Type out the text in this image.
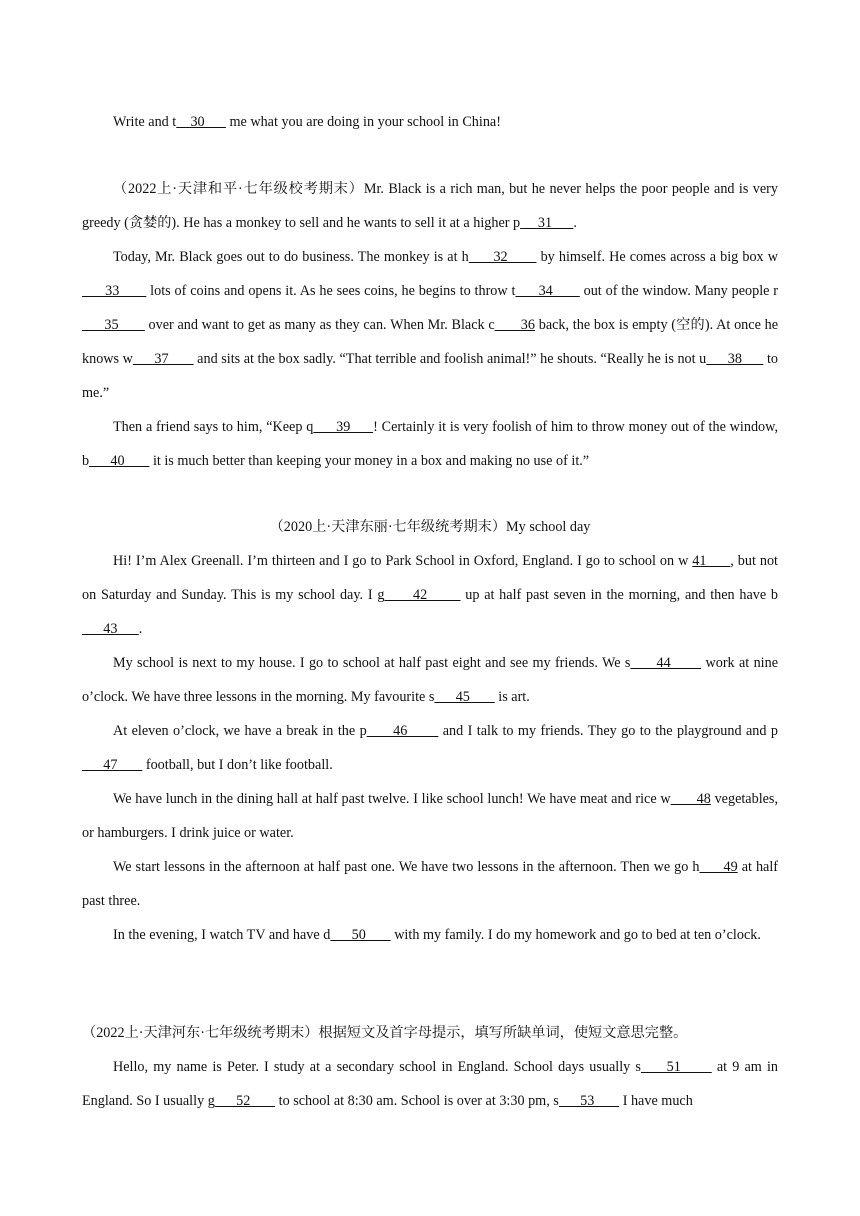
Write and t    30       me what you are doing in your school in China!

（2022上·天津和平·七年级校考期末）Mr. Black is a rich man, but he never helps the poor people and is very greedy (贪婪的). He has a monkey to sell and he wants to sell it at a higher p     31      .

Today, Mr. Black goes out to do business. The monkey is at h      32        by himself. He comes across a big box w      33        lots of coins and opens it. As he sees coins, he begins to throw t      34        out of the window. Many people r      35        over and want to get as many as they can. When Mr. Black c       36 back, the box is empty (空的). At once he knows w      37        and sits at the box sadly. “That terrible and foolish animal!” he shouts. “Really he is not u      38       to me.”

Then a friend says to him, “Keep q      39      ! Certainly it is very foolish of him to throw money out of the window, b      40        it is much better than keeping your money in a box and making no use of it.”

（2020上·天津东丽·七年级统考期末）My school day

Hi! I’m Alex Greenall. I’m thirteen and I go to Park School in Oxford, England. I go to school on w 41      , but not on Saturday and Sunday. This is my school day. I g      42        up at half past seven in the morning, and then have b      43      .

My school is next to my house. I go to school at half past eight and see my friends. We s      44        work at nine o’clock. We have three lessons in the morning. My favourite s      45        is art.

At eleven o’clock, we have a break in the p      46        and I talk to my friends. They go to the playground and p      47        football, but I don’t like football.

We have lunch in the dining hall at half past twelve. I like school lunch! We have meat and rice w       48 vegetables, or hamburgers. I drink juice or water.

We start lessons in the afternoon at half past one. We have two lessons in the afternoon. Then we go h      49 at half past three.

In the evening, I watch TV and have d      50        with my family. I do my homework and go to bed at ten o’clock.

（2022上·天津河东·七年级统考期末）根据短文及首字母提示，填写所缺单词，使短文意思完整。

Hello, my name is Peter. I study at a secondary school in England. School days usually s     51       at 9 am in England. So I usually g      52        to school at 8:30 am. School is over at 3:30 pm, s      53        I have much
